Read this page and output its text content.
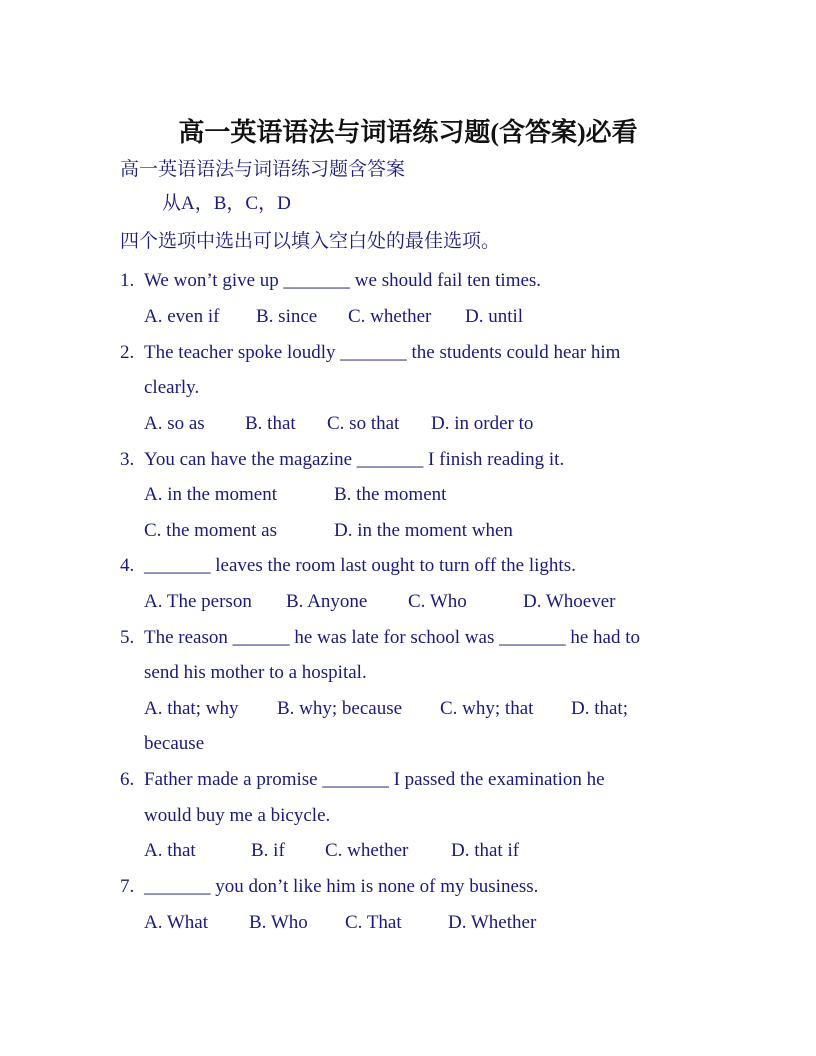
高一英语语法与词语练习题(含答案)必看
高一英语语法与词语练习题含答案
从A，B，C，D
四个选项中选出可以填入空白处的最佳选项。
1. We won’t give up _______ we should fail ten times.
A. even if B. since C. whether D. until
2. The teacher spoke loudly _______ the students could hear him
clearly.
A. so as B. that C. so that D. in order to
3. You can have the magazine _______ I finish reading it.
A. in the moment	B. the moment
C. the moment as	D. in the moment when
4. _______ leaves the room last ought to turn off the lights.
A. The person B. Anyone C. Who	D. Whoever
5. The reason ______ he was late for school was _______ he had to
send his mother to a hospital.
A. that; why B. why; because C. why; that D. that;
because
6. Father made a promise _______ I passed the examination he
would buy me a bicycle.
A. that	B. if C. whether D. that if
7. _______ you don’t like him is none of my business.
A. What B. Who C. That D. Whether
